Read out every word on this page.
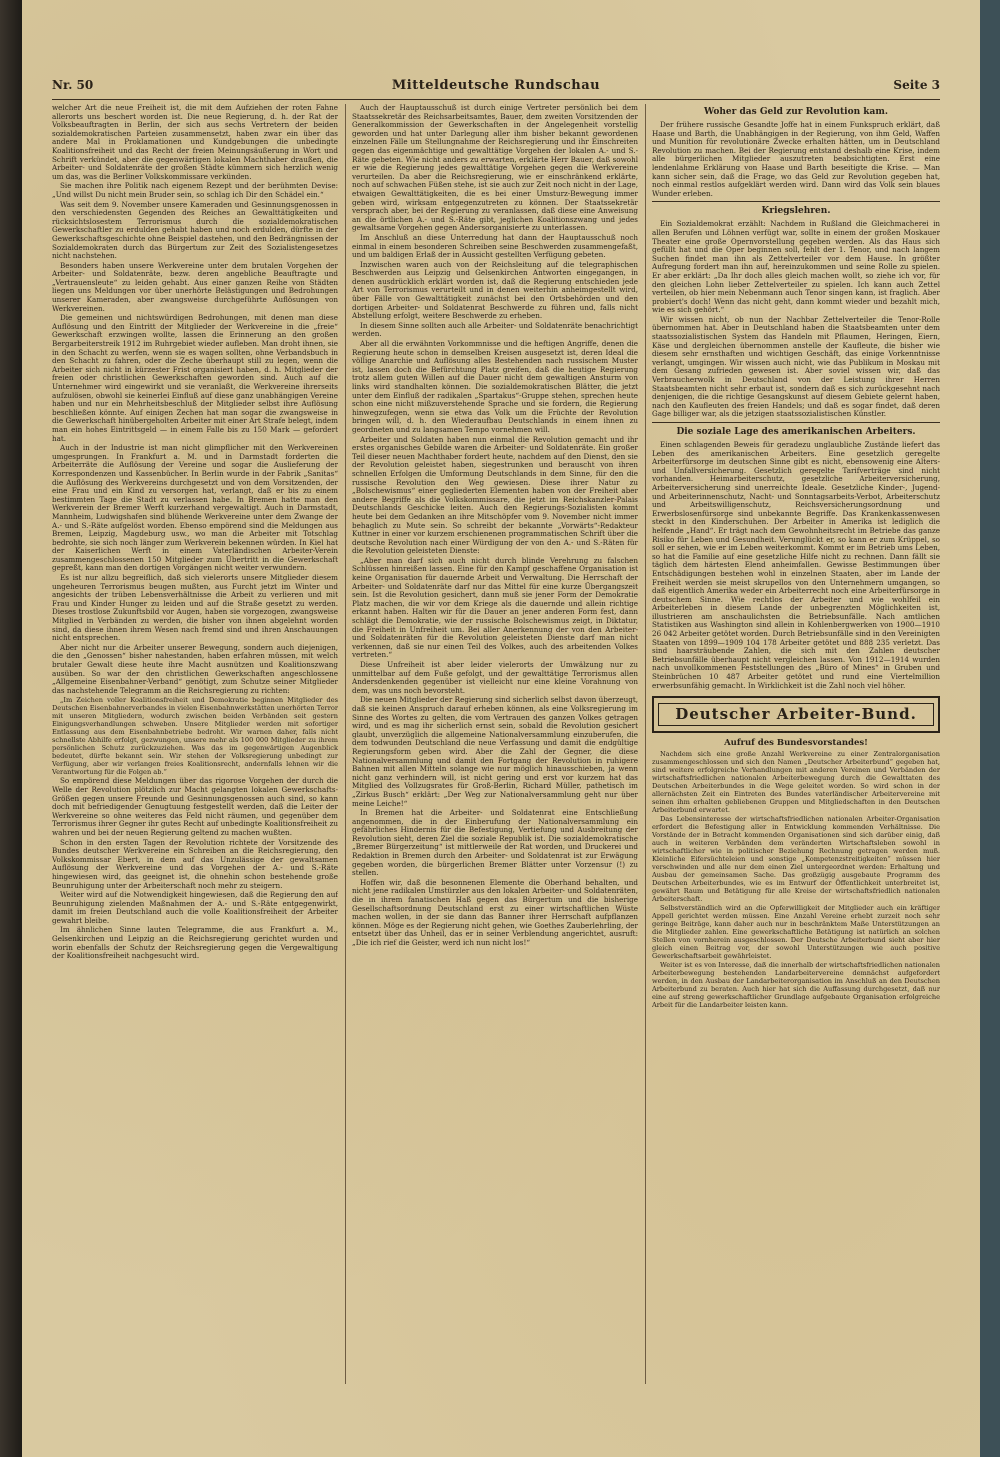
Nr. 50	Mitteldeutsche Rundschau	Seite 3

welcher Art die neue Freiheit ist, die mit dem Aufziehen der roten Fahne allerorts uns beschert worden ist. Die neue Regierung, d. h. der Rat der Volksbeauftragten in Berlin, der sich aus sechs Vertretern der beiden sozialdemokratischen Parteien zusammensetzt, haben zwar ein über das andere Mal in Proklamationen und Kundgebungen die unbedingte Koalitionsfreiheit und das Recht der freien Meinungsäußerung in Wort und Schrift verkündet, aber die gegenwärtigen lokalen Machthaber draußen, die Arbeiter- und Soldatenräte der großen Städte kümmern sich herzlich wenig um das, was die Berliner Volkskommissare verkünden.

Sie machen ihre Politik nach eigenem Rezept und der berühmten Devise: „Und willst Du nicht mein Bruder sein, so schlag ich Dir den Schädel ein.“

Was seit dem 9. November unsere Kameraden und Gesinnungsgenossen in den verschiedensten Gegenden des Reiches an Gewalttätigkeiten und rücksichtslosestem Terrorismus durch die sozialdemokratischen Gewerkschaftler zu erdulden gehabt haben und noch erdulden, dürfte in der Gewerkschaftsgeschichte ohne Beispiel dastehen, und den Bedrängnissen der Sozialdemokraten durch das Bürgertum zur Zeit des Sozialistengesetzes nicht nachstehen.

Besonders haben unsere Werkvereine unter dem brutalen Vorgehen der Arbeiter- und Soldatenräte, bezw. deren angebliche Beauftragte und „Vertrauensleute“ zu leiden gehabt. Aus einer ganzen Reihe von Städten liegen uns Meldungen vor über unerhörte Belästigungen und Bedrohungen unserer Kameraden, aber zwangsweise durchgeführte Auflösungen von Werkvereinen.

Die gemeinen und nichtswürdigen Bedrohungen, mit denen man diese Auflösung und den Eintritt der Mitglieder der Werkvereine in die „freie“ Gewerkschaft erzwingen wollte, lassen die Erinnerung an den großen Bergarbeiterstreik 1912 im Ruhrgebiet wieder aufleben. Man droht ihnen, sie in den Schacht zu werfen, wenn sie es wagen sollten, ohne Verbandsbuch in den Schacht zu fahren, oder die Zeche überhaupt still zu legen, wenn die Arbeiter sich nicht in kürzester Frist organisiert haben, d. h. Mitglieder der freien oder christlichen Gewerkschaften geworden sind. Auch auf die Unternehmer wird eingewirkt und sie veranlaßt, die Werkvereine ihrerseits aufzulösen, obwohl sie keinerlei Einfluß auf diese ganz unabhängigen Vereine haben und nur ein Mehrheitsbeschluß der Mitglieder selbst ihre Auflösung beschließen könnte. Auf einigen Zechen hat man sogar die zwangsweise in die Gewerkschaft hinübergeholten Arbeiter mit einer Art Strafe belegt, indem man ein hohes Eintrittsgeld — in einem Falle bis zu 150 Mark — gefordert hat.

Auch in der Industrie ist man nicht glimpflicher mit den Werkvereinen umgesprungen. In Frankfurt a. M. und in Darmstadt forderten die Arbeiterräte die Auflösung der Vereine und sogar die Auslieferung der Korrespondenzen und Kassenbücher. In Berlin wurde in der Fabrik „Sanitas“ die Auflösung des Werkvereins durchgesetzt und von dem Vorsitzenden, der eine Frau und ein Kind zu versorgen hat, verlangt, daß er bis zu einem bestimmten Tage die Stadt zu verlassen habe. In Bremen hatte man den Werkverein der Bremer Werft kurzerhand vergewaltigt. Auch in Darmstadt, Mannheim, Ludwigshafen sind blühende Werkvereine unter dem Zwange der A.- und S.-Räte aufgelöst worden. Ebenso empörend sind die Meldungen aus Bremen, Leipzig, Magdeburg usw., wo man die Arbeiter mit Totschlag bedrohte, sie sich noch länger zum Werkverein bekennen würden. In Kiel hat der Kaiserlichen Werft in einem Vaterländischen Arbeiter-Verein zusammengeschlossenen 150 Mitglieder zum Übertritt in die Gewerkschaft gepreßt, kann man den dortigen Vorgängen nicht weiter verwundern.

Es ist nur allzu begreiflich, daß sich vielerorts unsere Mitglieder diesem ungeheuren Terrorismus beugen mußten, aus Furcht jetzt im Winter und angesichts der trüben Lebensverhältnisse die Arbeit zu verlieren und mit Frau und Kinder Hunger zu leiden und auf die Straße gesetzt zu werden. Dieses trostlose Zukunftsbild vor Augen, haben sie vorgezogen, zwangsweise Mitglied in Verbänden zu werden, die bisher von ihnen abgelehnt worden sind, da diese ihnen ihrem Wesen nach fremd sind und ihren Anschauungen nicht entsprechen.

Aber nicht nur die Arbeiter unserer Bewegung, sondern auch diejenigen, die den „Genossen“ bisher nahestanden, haben erfahren müssen, mit welch brutaler Gewalt diese heute ihre Macht ausnützen und Koalitionszwang ausüben. So war der den christlichen Gewerkschaften angeschlossene „Allgemeine Eisenbahner-Verband“ genötigt, zum Schutze seiner Mitglieder das nachstehende Telegramm an die Reichsregierung zu richten:

„Im Zeichen voller Koalitionsfreiheit und Demokratie beginnen Mitglieder des Deutschen Eisenbahnerverbandes in vielen Eisenbahnwerkstätten unerhörten Terror mit unseren Mitgliedern, wodurch zwischen beiden Verbänden seit gestern Einigungsverhandlungen schweben. Unsere Mitglieder werden mit sofortiger Entlassung aus dem Eisenbahnbetriebe bedroht. Wir warnen daher, falls nicht schnellste Abhilfe erfolgt, gezwungen, unsere mehr als 100 000 Mitglieder zu ihrem persönlichen Schutz zurückzuziehen. Was das im gegenwärtigen Augenblick bedeutet, dürfte bekannt sein. Wir stehen der Volksregierung unbedingt zur Verfügung, aber wir verlangen freies Koalitionsrecht, andernfalls lehnen wir die Verantwortung für die Folgen ab.“

So empörend diese Meldungen über das rigorose Vorgehen der durch die Welle der Revolution plötzlich zur Macht gelangten lokalen Gewerkschafts-Größen gegen unsere Freunde und Gesinnungsgenossen auch sind, so kann doch mit befriedigender Genugtuung festgestellt werden, daß die Leiter der Werkvereine so ohne weiteres das Feld nicht räumen, und gegenüber dem Terrorismus ihrer Gegner ihr gutes Recht auf unbedingte Koalitionsfreiheit zu wahren und bei der neuen Regierung geltend zu machen wußten.

Schon in den ersten Tagen der Revolution richtete der Vorsitzende des Bundes deutscher Werkvereine ein Schreiben an die Reichsregierung, den Volkskommissar Ebert, in dem auf das Unzulässige der gewaltsamen Auflösung der Werkvereine und das Vorgehen der A.- und S.-Räte hingewiesen wird, das geeignet ist, die ohnehin schon bestehende große Beunruhigung unter der Arbeiterschaft noch mehr zu steigern.

Weiter wird auf die Notwendigkeit hingewiesen, daß die Regierung den auf Beunruhigung zielenden Maßnahmen der A.- und S.-Räte entgegenwirkt, damit im freien Deutschland auch die volle Koalitionsfreiheit der Arbeiter gewahrt bleibe.

Im ähnlichen Sinne lauten Telegramme, die aus Frankfurt a. M., Gelsenkirchen und Leipzig an die Reichsregierung gerichtet wurden und worin ebenfalls der Schutz der Reichsregierung gegen die Vergewaltigung der Koalitionsfreiheit nachgesucht wird.

Auch der Hauptausschuß ist durch einige Vertreter persönlich bei dem Staatssekretär des Reichsarbeitsamtes, Bauer, dem zweiten Vorsitzenden der Generalkommission der Gewerkschaften in der Angelegenheit vorstellig geworden und hat unter Darlegung aller ihm bisher bekannt gewordenen einzelnen Fälle um Stellungnahme der Reichsregierung und ihr Einschreiten gegen das eigenmächtige und gewalttätige Vorgehen der lokalen A.- und S.-Räte gebeten. Wie nicht anders zu erwarten, erklärte Herr Bauer, daß sowohl er wie die Regierung jedes gewalttätige Vorgehen gegen die Werkvereine verurteilen. Da aber die Reichsregierung, wie er einschränkend erklärte, noch auf schwachen Füßen stehe, ist sie auch zur Zeit noch nicht in der Lage, etwaigen Gewalttätigkeiten, die es bei einer Umsturz-Bewegung immer geben wird, wirksam entgegenzutreten zu können. Der Staatssekretär versprach aber, bei der Regierung zu veranlassen, daß diese eine Anweisung an die örtlichen A.- und S.-Räte gibt, jeglichen Koalitionszwang und jedes gewaltsame Vorgehen gegen Andersorganisierte zu unterlassen.

Im Anschluß an diese Unterredung hat dann der Hauptausschuß noch einmal in einem besonderen Schreiben seine Beschwerden zusammengefaßt, und um baldigen Erlaß der in Aussicht gestellten Verfügung gebeten.

Inzwischen waren auch von der Reichsleitung auf die telegraphischen Beschwerden aus Leipzig und Gelsenkirchen Antworten eingegangen, in denen ausdrücklich erklärt worden ist, daß die Regierung entschieden jede Art von Terrorismus verurteilt und in denen weiterhin anheimgestellt wird, über Fälle von Gewalttätigkeit zunächst bei den Ortsbehörden und den dortigen Arbeiter- und Soldatenrat Beschwerde zu führen und, falls nicht Abstellung erfolgt, weitere Beschwerde zu erheben.

In diesem Sinne sollten auch alle Arbeiter- und Soldatenräte benachrichtigt werden.

Aber all die erwähnten Vorkommnisse und die heftigen Angriffe, denen die Regierung heute schon in demselben Kreisen ausgesetzt ist, deren Ideal die völlige Anarchie und Auflösung alles Bestehenden nach russischem Muster ist, lassen doch die Befürchtung Platz greifen, daß die heutige Regierung trotz allem guten Willen auf die Dauer nicht dem gewaltigen Ansturm von links wird standhalten können. Die sozialdemokratischen Blätter, die jetzt unter dem Einfluß der radikalen „Spartakus“-Gruppe stehen, sprechen heute schon eine nicht mißzuverstehende Sprache und sie fordern, die Regierung hinwegzufegen, wenn sie etwa das Volk um die Früchte der Revolution bringen will, d. h. den Wiederaufbau Deutschlands in einem ihnen zu geordneten und zu langsamen Tempo vornehmen will.

Arbeiter und Soldaten haben nun einmal die Revolution gemacht und ihr erstes organisches Gebilde waren die Arbeiter- und Soldatenräte. Ein großer Teil dieser neuen Machthaber fordert heute, nachdem auf den Dienst, den sie der Revolution geleistet haben, siegestrunken und berauscht von ihren schnellen Erfolgen die Umformung Deutschlands in dem Sinne, für den die russische Revolution den Weg gewiesen. Diese ihrer Natur zu „Bolschewismus“ einer gegliederten Elementen haben von der Freiheit aber andere Begriffe als die Volkskommissare, die jetzt im Reichskanzler-Palais Deutschlands Geschicke leiten. Auch den Regierungs-Sozialisten kommt heute bei dem Gedanken an ihre Mitschöpfer vom 9. November nicht immer behaglich zu Mute sein. So schreibt der bekannte „Vorwärts“-Redakteur Kuttner in einer vor kurzem erschienenen programmatischen Schrift über die deutsche Revolution nach einer Würdigung der von den A.- und S.-Räten für die Revolution geleisteten Dienste:

„Aber man darf sich auch nicht durch blinde Verehrung zu falschen Schlüssen hinreißen lassen. Eine für den Kampf geschaffene Organisation ist keine Organisation für dauernde Arbeit und Verwaltung. Die Herrschaft der Arbeiter- und Soldatenräte darf nur das Mittel für eine kurze Übergangszeit sein. Ist die Revolution gesichert, dann muß sie jener Form der Demokratie Platz machen, die wir vor dem Kriege als die dauernde und allein richtige erkannt haben. Halten wir für die Dauer an jener anderen Form fest, dann schlägt die Demokratie, wie der russische Bolschewismus zeigt, in Diktatur, die Freiheit in Unfreiheit um. Bei aller Anerkennung der von den Arbeiter- und Soldatenräten für die Revolution geleisteten Dienste darf man nicht verkennen, daß sie nur einen Teil des Volkes, auch des arbeitenden Volkes vertreten.“

Diese Unfreiheit ist aber leider vielerorts der Umwälzung nur zu unmittelbar auf dem Fuße gefolgt, und der gewalttätige Terrorismus allen Andersdenkenden gegenüber ist vielleicht nur eine kleine Vorahnung von dem, was uns noch bevorsteht.

Die neuen Mitglieder der Regierung sind sicherlich selbst davon überzeugt, daß sie keinen Anspruch darauf erheben können, als eine Volksregierung im Sinne des Wortes zu gelten, die vom Vertrauen des ganzen Volkes getragen wird, und es mag ihr sicherlich ernst sein, sobald die Revolution gesichert glaubt, unverzüglich die allgemeine Nationalversammlung einzuberufen, die dem todwunden Deutschland die neue Verfassung und damit die endgültige Regierungsform geben wird. Aber die Zahl der Gegner, die diese Nationalversammlung und damit den Fortgang der Revolution in ruhigere Bahnen mit allen Mitteln solange wie nur möglich hinausschieben, ja wenn nicht ganz verhindern will, ist nicht gering und erst vor kurzem hat das Mitglied des Vollzugsrates für Groß-Berlin, Richard Müller, pathetisch im „Zirkus Busch“ erklärt: „Der Weg zur Nationalversammlung geht nur über meine Leiche!“

In Bremen hat die Arbeiter- und Soldatenrat eine Entschließung angenommen, die in der Einberufung der Nationalversammlung ein gefährliches Hindernis für die Befestigung, Vertiefung und Ausbreitung der Revolution sieht, deren Ziel die soziale Republik ist. Die sozialdemokratische „Bremer Bürgerzeitung“ ist mittlerweile der Rat worden, und Druckerei und Redaktion in Bremen durch den Arbeiter- und Soldatenrat ist zur Erwägung gegeben worden, die bürgerlichen Bremer Blätter unter Vorzensur (!) zu stellen.

Hoffen wir, daß die besonnenen Elemente die Oberhand behalten, und nicht jene radikalen Umstürzler aus den lokalen Arbeiter- und Soldatenräten, die in ihrem fanatischen Haß gegen das Bürgertum und die bisherige Gesellschaftsordnung Deutschland erst zu einer wirtschaftlichen Wüste machen wollen, in der sie dann das Banner ihrer Herrschaft aufpflanzen können. Möge es der Regierung nicht gehen, wie Goethes Zauberlehrling, der entsetzt über das Unheil, das er in seiner Verblendung angerichtet, ausruft: „Die ich rief die Geister, werd ich nun nicht los!“

Woher das Geld zur Revolution kam.

Der frühere russische Gesandte Joffe hat in einem Funkspruch erklärt, daß Haase und Barth, die Unabhängigen in der Regierung, von ihm Geld, Waffen und Munition für revolutionäre Zwecke erhalten hätten, um in Deutschland Revolution zu machen. Bei der Regierung entstand deshalb eine Krise, indem alle bürgerlichen Mitglieder auszutreten beabsichtigten. Erst eine lendenlahme Erklärung von Haase und Barth beseitigte die Krise. — Man kann sicher sein, daß die Frage, wo das Geld zur Revolution gegeben hat, noch einmal restlos aufgeklärt werden wird. Dann wird das Volk sein blaues Wunder erleben.

Kriegslehren.

Ein Sozialdemokrat erzählt: Nachdem in Rußland die Gleichmacherei in allen Berufen und Löhnen verfügt war, sollte in einem der großen Moskauer Theater eine große Opernvorstellung gegeben werden. Als das Haus sich gefüllt hat und die Oper beginnen soll, fehlt der 1. Tenor, und nach langem Suchen findet man ihn als Zettelverteiler vor dem Hause. In größter Aufregung fordert man ihn auf, hereinzukommen und seine Rolle zu spielen. Er aber erklärt: „Da Ihr doch alles gleich machen wollt, so ziehe ich vor, für den gleichen Lohn lieber Zettelverteiler zu spielen. Ich kann auch Zettel verteilen, ob hier mein Nebenmann auch Tenor singen kann, ist fraglich. Aber probiert's doch! Wenn das nicht geht, dann kommt wieder und bezahlt mich, wie es sich gehört.“

Wir wissen nicht, ob nun der Nachbar Zettelverteiler die Tenor-Rolle übernommen hat. Aber in Deutschland haben die Staatsbeamten unter dem staatssozialistischen System das Handeln mit Pflaumen, Heringen, Eiern, Käse und dergleichen übernommen anstelle der Kaufleute, die bisher wie diesem sehr ernsthaften und wichtigen Geschäft, das einige Vorkenntnisse verlangt, umgingen. Wir wissen auch nicht, wie das Publikum in Moskau mit dem Gesang zufrieden gewesen ist. Aber soviel wissen wir, daß das Verbraucherwolk in Deutschland von der Leistung ihrer Herren Staatsbeamten nicht sehr erbaut ist, sondern daß es sich zurückgesehnt nach denjenigen, die die richtige Gesangskunst auf diesem Gebiete gelernt haben, nach den Kaufleuten des freien Handels; und daß es sogar findet, daß deren Gage billiger war, als die jetzigen staatssozialistischen Künstler.

Die soziale Lage des amerikanischen Arbeiters.

Einen schlagenden Beweis für geradezu unglaubliche Zustände liefert das Leben des amerikanischen Arbeiters. Eine gesetzlich geregelte Arbeiterfürsorge im deutschen Sinne gibt es nicht, ebensowenig eine Alters- und Unfallversicherung. Gesetzlich geregelte Tarifverträge sind nicht vorhanden. Heimarbeiterschutz, gesetzliche Arbeiterversicherung, Arbeiterversicherung sind unerreichte Ideale. Gesetzliche Kinder-, Jugend- und Arbeiterinnenschutz, Nacht- und Sonntagsarbeits-Verbot, Arbeiterschutz und Arbeitswilligenschutz, Reichsversicherungsordnung und Erwerbslosenfürsorge sind unbekannte Begriffe. Das Krankenkassenwesen steckt in den Kinderschuhen. Der Arbeiter in Amerika ist lediglich die helfende „Hand“. Er trägt nach dem Gewohnheitsrecht im Betriebe das ganze Risiko für Leben und Gesundheit. Verunglückt er, so kann er zum Krüppel, so soll er sehen, wie er im Leben weiterkommt. Kommt er im Betrieb ums Leben, so hat die Familie auf eine gesetzliche Hilfe nicht zu rechnen. Dann fällt sie täglich dem härtesten Elend anheimfallen. Gewisse Bestimmungen über Entschädigungen bestehen wohl in einzelnen Staaten, aber im Lande der Freiheit werden sie meist skrupellos von den Unternehmern umgangen, so daß eigentlich Amerika weder ein Arbeiterrecht noch eine Arbeiterfürsorge in deutschem Sinne. Wie rechtlos der Arbeiter und wie wohlfeil ein Arbeiterleben in diesem Lande der unbegrenzten Möglichkeiten ist, illustrieren am anschaulichsten die Betriebsunfälle. Nach amtlichen Statistiken aus Washington sind allein in Kohlenbergwerken von 1900—1910 26 042 Arbeiter getötet worden. Durch Betriebsunfälle sind in den Vereinigten Staaten von 1899—1909 104 178 Arbeiter getötet und 888 235 verletzt. Das sind haarsträubende Zahlen, die sich mit den Zahlen deutscher Betriebsunfälle überhaupt nicht vergleichen lassen. Von 1912—1914 wurden nach unvollkommenen Feststellungen des „Büro of Mines“ in Gruben und Steinbrüchen 10 487 Arbeiter getötet und rund eine Viertelmillion erwerbsunfähig gemacht. In Wirklichkeit ist die Zahl noch viel höher.

Deutscher Arbeiter-Bund.
Aufruf des Bundesvorstandes!

Nachdem sich eine große Anzahl Werkvereine zu einer Zentralorganisation zusammengeschlossen und sich den Namen „Deutscher Arbeiterbund“ gegeben hat, sind weitere erfolgreiche Verhandlungen mit anderen Vereinen und Verbänden der wirtschaftsfriedlichen nationalen Arbeiterbewegung durch die Gewalttaten des Deutschen Arbeiterbundes in die Wege geleitet worden. So wird schon in der allernächsten Zeit ein Eintreten des Bundes vaterländischer Arbeitervereine mit seinen ihm erhalten gebliebenen Gruppen und Mitgliedschaften in den Deutschen Arbeiterbund erwartet.

Das Lebensinteresse der wirtschaftsfriedlichen nationalen Arbeiter-Organisation erfordert die Befestigung aller in Entwicklung kommenden Verhältnisse. Die Vorstände der in Betracht kommenden Organisationen sind sich darüber einig, daß auch in weiteren Verbänden dem veränderten Wirtschaftsleben sowohl in wirtschaftlicher wie in politischer Beziehung Rechnung getragen werden muß. Kleinliche Eifersüchteleien und sonstige „Kompetenzstreitigkeiten“ müssen hier verschwinden und alle nur dem einen Ziel untergeordnet werden: Erhaltung und Ausbau der gemeinsamen Sache. Das großzügig ausgebaute Programm des Deutschen Arbeiterbundes, wie es im Entwurf der Öffentlichkeit unterbreitet ist, gewährt Raum und Betätigung für alle Kreise der wirtschaftsfriedlich nationalen Arbeiterschaft.

Selbstverständlich wird an die Opferwilligkeit der Mitglieder auch ein kräftiger Appell gerichtet werden müssen. Eine Anzahl Vereine erhebt zurzeit noch sehr geringe Beiträge, kann daher auch nur in beschränktem Maße Unterstützungen an die Mitglieder zahlen. Eine gewerkschaftliche Betätigung ist natürlich an solchen Stellen von vornherein ausgeschlossen. Der Deutsche Arbeiterbund sieht aber hier gleich einen Beitrag vor, der sowohl Unterstützungen wie auch positive Gewerkschaftsarbeit gewährleistet.

Weiter ist es von Interesse, daß die innerhalb der wirtschaftsfriedlichen nationalen Arbeiterbewegung bestehenden Landarbeitervereine demnächst aufgefordert werden, in den Ausbau der Landarbeiterorganisation im Anschluß an den Deutschen Arbeiterbund zu beraten. Auch hier hat sich die Auffassung durchgesetzt, daß nur eine auf streng gewerkschaftlicher Grundlage aufgebaute Organisation erfolgreiche Arbeit für die Landarbeiter leisten kann.
